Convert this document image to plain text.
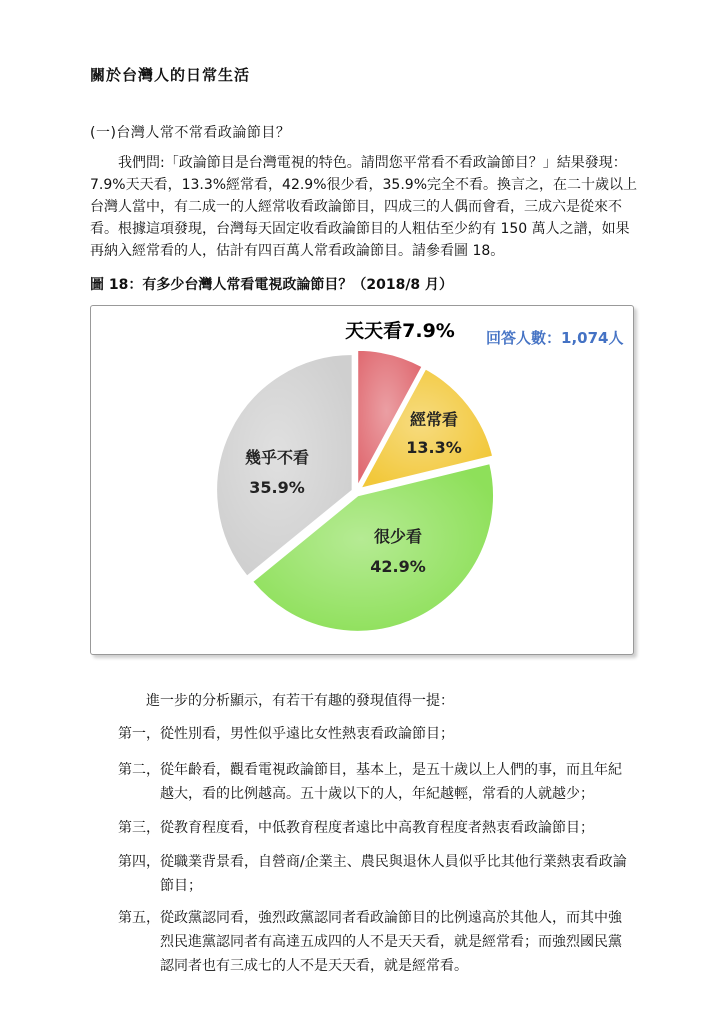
關於台灣人的日常生活
(一)台灣人常不常看政論節目？
我們問:「政論節目是台灣電視的特色。請問您平常看不看政論節目？」結果發現：
7.9%天天看，13.3%經常看，42.9%很少看，35.9%完全不看。換言之，在二十歲以上
台灣人當中，有二成一的人經常收看政論節目，四成三的人偶而會看，三成六是從來不
看。根據這項發現，台灣每天固定收看政論節目的人粗估至少約有 150 萬人之譜，如果
再納入經常看的人，估計有四百萬人常看政論節目。請參看圖 18。
圖 18：有多少台灣人常看電視政論節目？（2018/8 月）
天天看7.9%
經常看
13.3%
很少看
42.9%
幾乎不看
35.9%
回答人數：1,074人
進一步的分析顯示，有若干有趣的發現值得一提：
第一，從性別看，男性似乎遠比女性熱衷看政論節目；
第二，從年齡看，觀看電視政論節目，基本上，是五十歲以上人們的事，而且年紀
越大，看的比例越高。五十歲以下的人，年紀越輕，常看的人就越少；
第三，從教育程度看，中低教育程度者遠比中高教育程度者熱衷看政論節目；
第四，從職業背景看，自營商/企業主、農民與退休人員似乎比其他行業熱衷看政論
節目；
第五，從政黨認同看，強烈政黨認同者看政論節目的比例遠高於其他人，而其中強
烈民進黨認同者有高達五成四的人不是天天看，就是經常看；而強烈國民黨
認同者也有三成七的人不是天天看，就是經常看。
